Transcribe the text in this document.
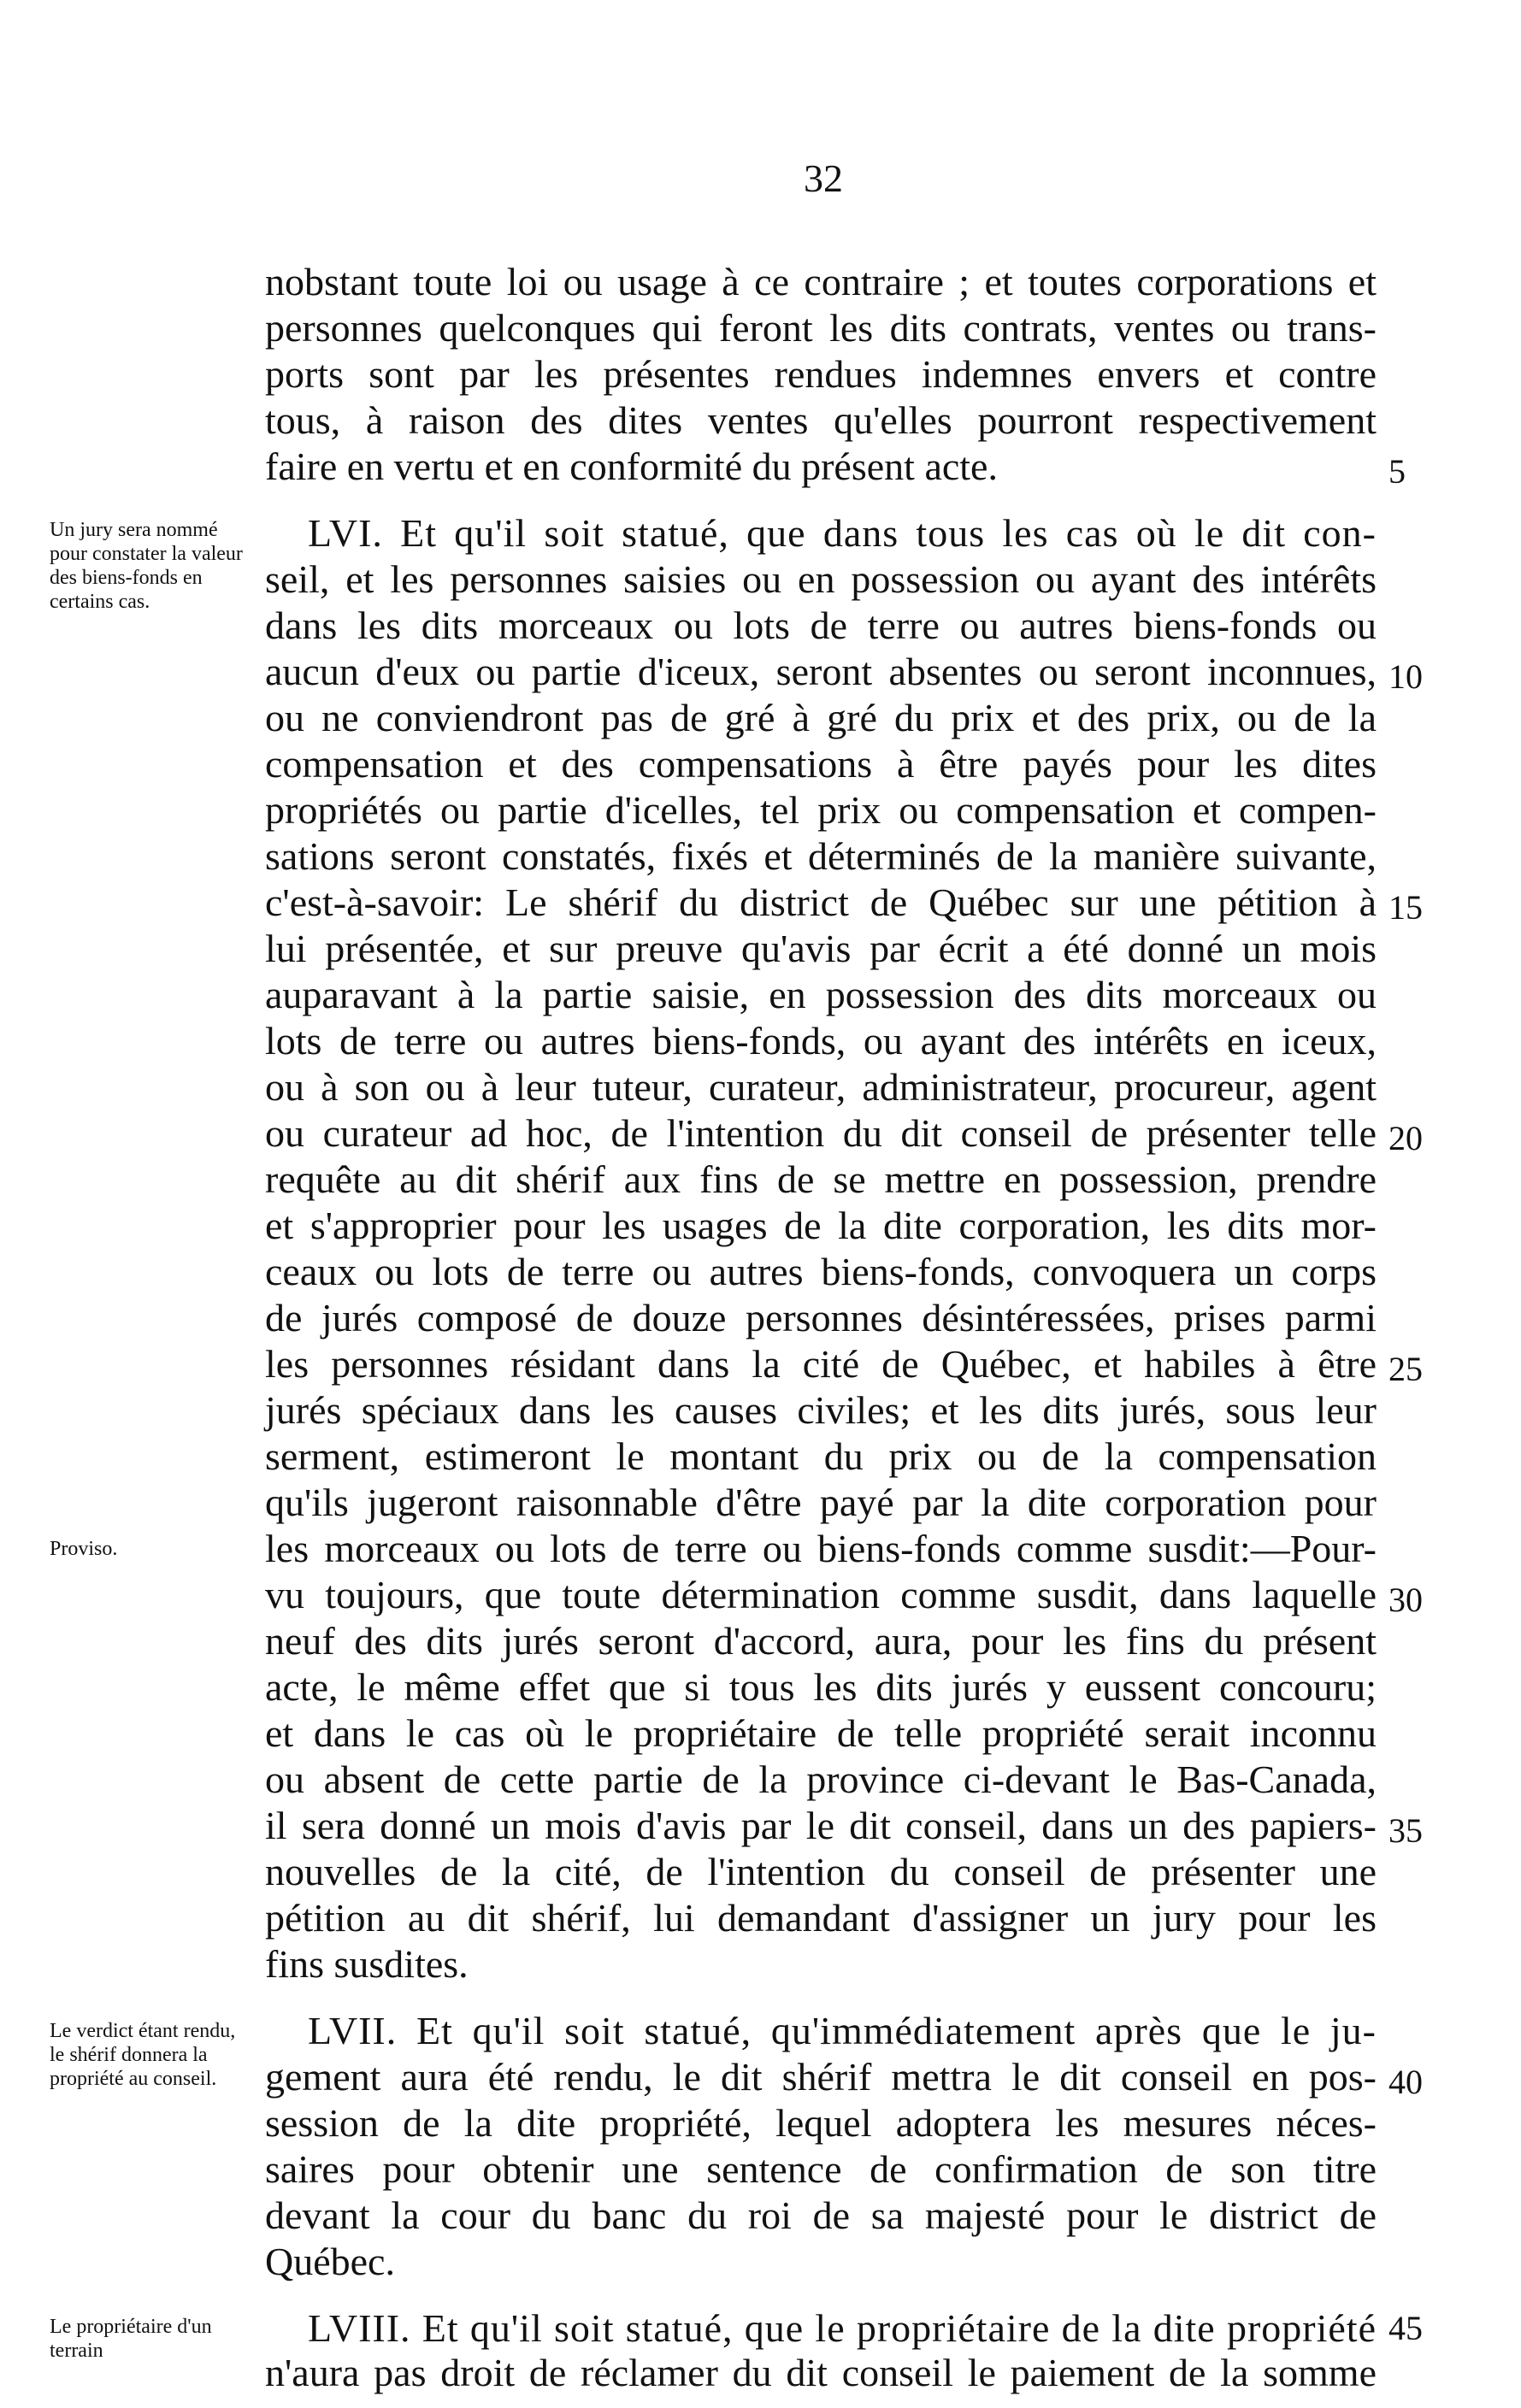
32
nobstant toute loi ou usage à ce contraire ; et toutes corporations et
personnes quelconques qui feront les dits contrats, ventes ou trans-
ports sont par les présentes rendues indemnes envers et contre
tous, à raison des dites ventes qu'elles pourront respectivement
faire en vertu et en conformité du présent acte.
LVI. Et qu'il soit statué, que dans tous les cas où le dit con-
seil, et les personnes saisies ou en possession ou ayant des intérêts
dans les dits morceaux ou lots de terre ou autres biens-fonds ou
aucun d'eux ou partie d'iceux, seront absentes ou seront inconnues,
ou ne conviendront pas de gré à gré du prix et des prix, ou de la
compensation et des compensations à être payés pour les dites
propriétés ou partie d'icelles, tel prix ou compensation et compen-
sations seront constatés, fixés et déterminés de la manière suivante,
c'est-à-savoir: Le shérif du district de Québec sur une pétition à
lui présentée, et sur preuve qu'avis par écrit a été donné un mois
auparavant à la partie saisie, en possession des dits morceaux ou
lots de terre ou autres biens-fonds, ou ayant des intérêts en iceux,
ou à son ou à leur tuteur, curateur, administrateur, procureur, agent
ou curateur ad hoc, de l'intention du dit conseil de présenter telle
requête au dit shérif aux fins de se mettre en possession, prendre
et s'approprier pour les usages de la dite corporation, les dits mor-
ceaux ou lots de terre ou autres biens-fonds, convoquera un corps
de jurés composé de douze personnes désintéressées, prises parmi
les personnes résidant dans la cité de Québec, et habiles à être
jurés spéciaux dans les causes civiles; et les dits jurés, sous leur
serment, estimeront le montant du prix ou de la compensation
qu'ils jugeront raisonnable d'être payé par la dite corporation pour
les morceaux ou lots de terre ou biens-fonds comme susdit:—Pour-
vu toujours, que toute détermination comme susdit, dans laquelle
neuf des dits jurés seront d'accord, aura, pour les fins du présent
acte, le même effet que si tous les dits jurés y eussent concouru;
et dans le cas où le propriétaire de telle propriété serait inconnu
ou absent de cette partie de la province ci-devant le Bas-Canada,
il sera donné un mois d'avis par le dit conseil, dans un des papiers-
nouvelles de la cité, de l'intention du conseil de présenter une
pétition au dit shérif, lui demandant d'assigner un jury pour les
fins susdites.
LVII. Et qu'il soit statué, qu'immédiatement après que le ju-
gement aura été rendu, le dit shérif mettra le dit conseil en pos-
session de la dite propriété, lequel adoptera les mesures néces-
saires pour obtenir une sentence de confirmation de son titre
devant la cour du banc du roi de sa majesté pour le district de
Québec.
LVIII. Et qu'il soit statué, que le propriétaire de la dite propriété
n'aura pas droit de réclamer du dit conseil le paiement de la somme
5
10
15
20
25
30
35
40
45
Un jury sera nommé pour constater la valeur des biens-fonds en certains cas.
Proviso.
Le verdict étant rendu, le shérif donnera la propriété au conseil.
Le propriétaire d'un terrain
